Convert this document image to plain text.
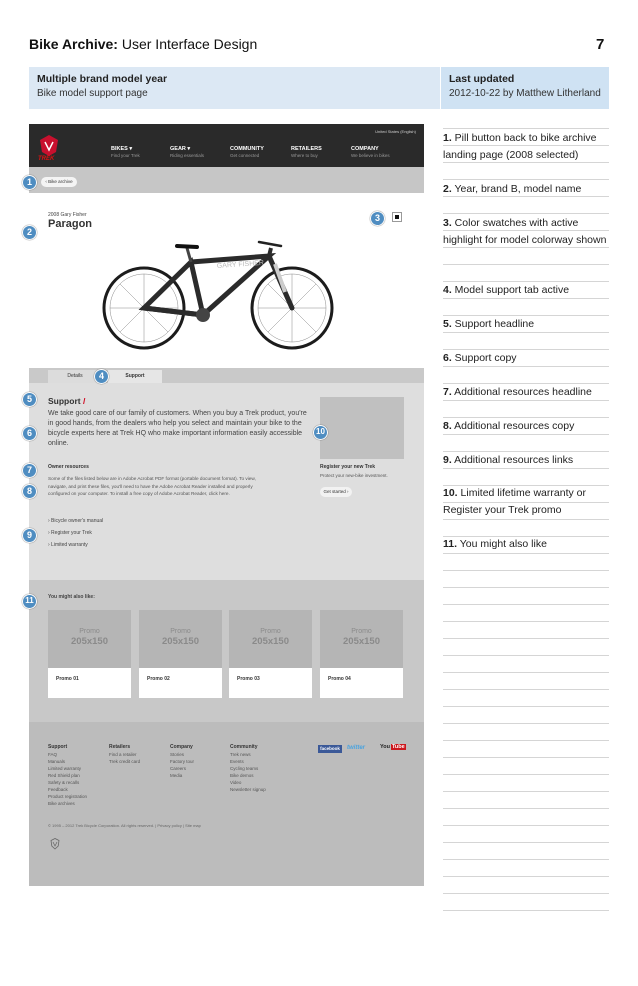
Bike Archive: User Interface Design	7
Multiple brand model year
Bike model support page
Last updated
2012-10-22 by Matthew Litherland
TREK
United States (English)
BIKES ▾
Find your Trek
GEAR ▾
Riding essentials
COMMUNITY
Get connected
RETAILERS
Where to buy
COMPANY
We believe in bikes
‹ Bike archive
2008 Gary Fisher
Paragon
GARY FISHER
Details	Support
Support /
We take good care of our family of customers. When you buy a Trek product, you're in good hands, from the dealers who help you select and maintain your bike to the bicycle experts here at Trek HQ who make important information easily accessible online.
Owner resources
Some of the files listed below are in Adobe Acrobat PDF format (portable document format). To view, navigate, and print these files, you'll need to have the Adobe Acrobat Reader installed and properly configured on your computer. To install a free copy of Adobe Acrobat Reader, click here.
› Bicycle owner's manual
› Register your Trek
› Limited warranty
Register your new Trek
Protect your new-bike investment.
Get started ›
You might also like:
Promo
205x150
Promo 01
Promo
205x150
Promo 02
Promo
205x150
Promo 03
Promo
205x150
Promo 04
Support
FAQ
Manuals
Limited warranty
Red Shield plan
Safety & recalls
Feedback
Product registration
Bike archives
Retailers
Find a retailer
Trek credit card
Company
Stories
Factory tour
Careers
Media
Community
Trek news
Events
Cycling teams
Bike demos
Video
Newsletter signup
facebook	twitter	You Tube
© 1995 – 2012 Trek Bicycle Corporation. All rights reserved. | Privacy policy | Site map
1
2
3
4
5
6	10
7
8
9
11
1. Pill button back to bike archive landing page (2008 selected)
2. Year, brand B, model name
3. Color swatches with active highlight for model colorway shown
4. Model support tab active
5. Support headline
6. Support copy
7. Additional resources headline
8. Additional resources copy
9. Additional resources links
10. Limited lifetime warranty or Register your Trek promo
11. You might also like
